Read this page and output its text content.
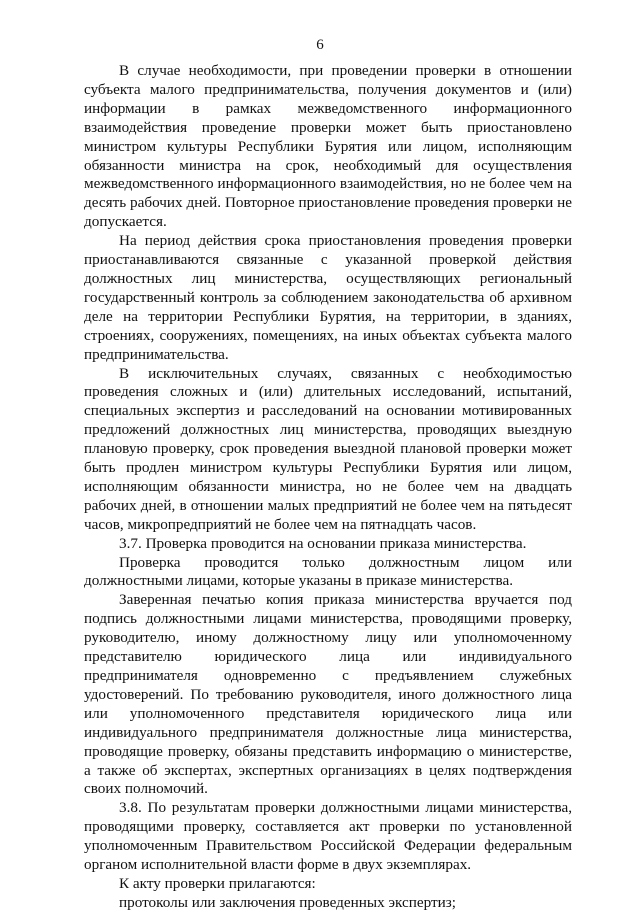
6

В случае необходимости, при проведении проверки в отношении субъекта малого предпринимательства, получения документов и (или) информации в рамках межведомственного информационного взаимодействия проведение проверки может быть приостановлено министром культуры Республики Бурятия или лицом, исполняющим обязанности министра на срок, необходимый для осуществления межведомственного информационного взаимодействия, но не более чем на десять рабочих дней. Повторное приостановление проведения проверки не допускается.

На период действия срока приостановления проведения проверки приостанавливаются связанные с указанной проверкой действия должностных лиц министерства, осуществляющих региональный государственный контроль за соблюдением законодательства об архивном деле на территории Республики Бурятия, на территории, в зданиях, строениях, сооружениях, помещениях, на иных объектах субъекта малого предпринимательства.

В исключительных случаях, связанных с необходимостью проведения сложных и (или) длительных исследований, испытаний, специальных экспертиз и расследований на основании мотивированных предложений должностных лиц министерства, проводящих выездную плановую проверку, срок проведения выездной плановой проверки может быть продлен министром культуры Республики Бурятия или лицом, исполняющим обязанности министра, но не более чем на двадцать рабочих дней, в отношении малых предприятий не более чем на пятьдесят часов, микропредприятий не более чем на пятнадцать часов.

3.7. Проверка проводится на основании приказа министерства.

Проверка проводится только должностным лицом или должностными лицами, которые указаны в приказе министерства.

Заверенная печатью копия приказа министерства вручается под подпись должностными лицами министерства, проводящими проверку, руководителю, иному должностному лицу или уполномоченному представителю юридического лица или индивидуального предпринимателя одновременно с предъявлением служебных удостоверений. По требованию руководителя, иного должностного лица или уполномоченного представителя юридического лица или индивидуального предпринимателя должностные лица министерства, проводящие проверку, обязаны представить информацию о министерстве, а также об экспертах, экспертных организациях в целях подтверждения своих полномочий.

3.8. По результатам проверки должностными лицами министерства, проводящими проверку, составляется акт проверки по установленной уполномоченным Правительством Российской Федерации федеральным органом исполнительной власти форме в двух экземплярах.

К акту проверки прилагаются:

протоколы или заключения проведенных экспертиз;
